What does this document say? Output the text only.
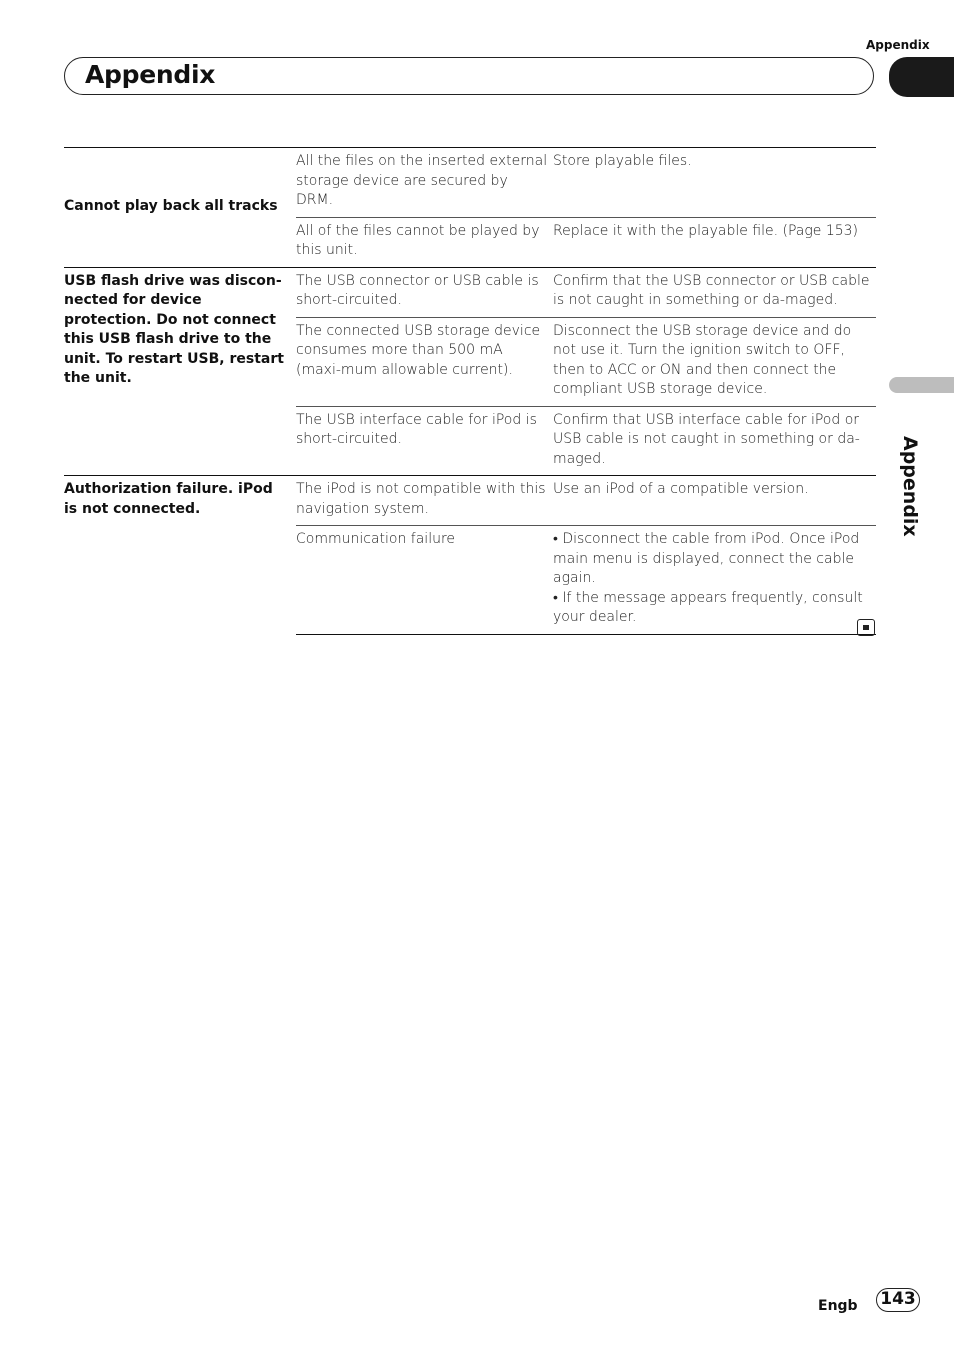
Appendix
Appendix
Appendix
Cannot play back all tracks	All the files on the inserted external storage device are secured by DRM.	Store playable files.
	All of the files cannot be played by this unit.	Replace it with the playable file. (Page 153)
USB flash drive was discon-nected for device protection. Do not connect this USB flash drive to the unit. To restart USB, restart the unit.	The USB connector or USB cable is short-circuited.	Confirm that the USB connector or USB cable is not caught in something or da-maged.
	The connected USB storage device consumes more than 500 mA (maxi-mum allowable current).	Disconnect the USB storage device and do not use it. Turn the ignition switch to OFF, then to ACC or ON and then connect the compliant USB storage device.
	The USB interface cable for iPod is short-circuited.	Confirm that USB interface cable for iPod or USB cable is not caught in something or da-maged.
Authorization failure. iPod is not connected.	The iPod is not compatible with this navigation system.	Use an iPod of a compatible version.
	Communication failure	• Disconnect the cable from iPod. Once iPod main menu is displayed, connect the cable again.
• If the message appears frequently, consult your dealer.
Engb 143
